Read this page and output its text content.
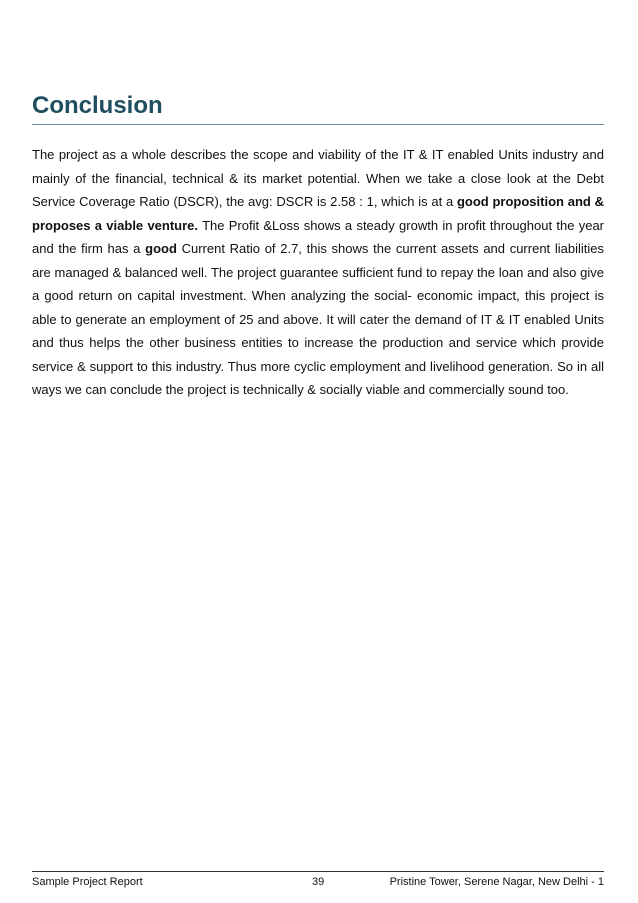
Conclusion

The project as a whole describes the scope and viability of the IT & IT enabled Units industry and mainly of the financial, technical & its market potential. When we take a close look at the Debt Service Coverage Ratio (DSCR), the avg: DSCR is 2.58 : 1, which is at a good proposition and & proposes a viable venture. The Profit &Loss shows a steady growth in profit throughout the year and the firm has a good Current Ratio of 2.7, this shows the current assets and current liabilities are managed & balanced well. The project guarantee sufficient fund to repay the loan and also give a good return on capital investment. When analyzing the social- economic impact, this project is able to generate an employment of 25 and above. It will cater the demand of IT & IT enabled Units and thus helps the other business entities to increase the production and service which provide service & support to this industry. Thus more cyclic employment and livelihood generation. So in all ways we can conclude the project is technically & socially viable and commercially sound too.

Sample Project Report	39	Pristine Tower, Serene Nagar, New Delhi - 1
